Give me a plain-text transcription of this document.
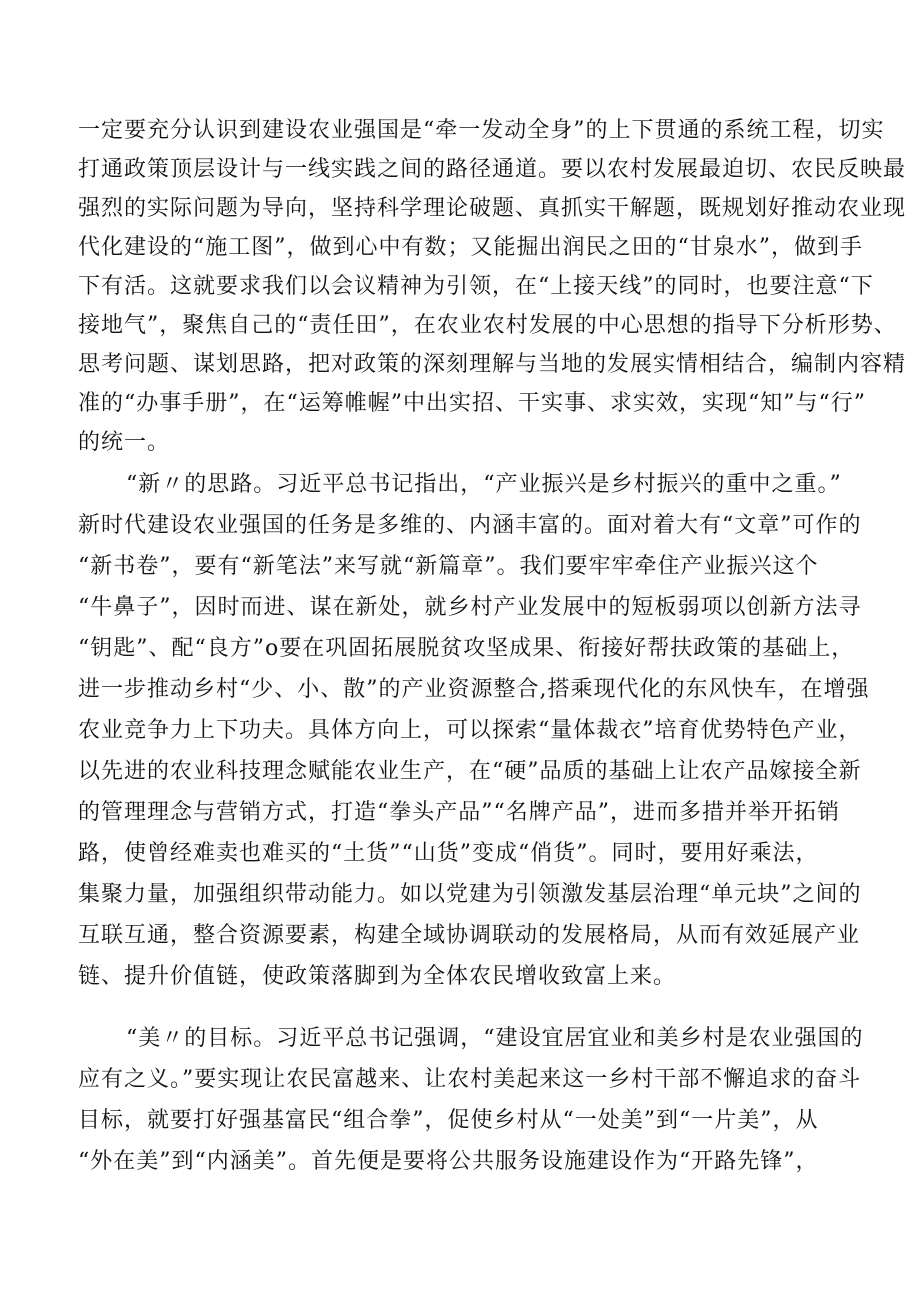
一定要充分认识到建设农业强国是“牵一发动全身”的上下贯通的系统工程，切实
打通政策顶层设计与一线实践之间的路径通道。要以农村发展最迫切、农民反映最
强烈的实际问题为导向，坚持科学理论破题、真抓实干解题，既规划好推动农业现
代化建设的“施工图”，做到心中有数；又能掘出润民之田的“甘泉水”，做到手
下有活。这就要求我们以会议精神为引领，在“上接天线”的同时，也要注意“下
接地气”，聚焦自己的“责任田”，在农业农村发展的中心思想的指导下分析形势、
思考问题、谋划思路，把对政策的深刻理解与当地的发展实情相结合，编制内容精
准的“办事手册”，在“运筹帷幄”中出实招、干实事、求实效，实现“知”与“行”
的统一。
“新〃的思路。习近平总书记指出，“产业振兴是乡村振兴的重中之重。”
新时代建设农业强国的任务是多维的、内涵丰富的。面对着大有“文章”可作的
“新书卷”，要有“新笔法”来写就“新篇章”。我们要牢牢牵住产业振兴这个
“牛鼻子”，因时而进、谋在新处，就乡村产业发展中的短板弱项以创新方法寻
“钥匙”、配“良方”o要在巩固拓展脱贫攻坚成果、衔接好帮扶政策的基础上，
进一步推动乡村“少、小、散”的产业资源整合,搭乘现代化的东风快车，在增强
农业竞争力上下功夫。具体方向上，可以探索“量体裁衣”培育优势特色产业，
以先进的农业科技理念赋能农业生产，在“硬”品质的基础上让农产品嫁接全新
的管理理念与营销方式，打造“拳头产品”“名牌产品”，进而多措并举开拓销
路，使曾经难卖也难买的“土货”“山货”变成“俏货”。同时，要用好乘法，
集聚力量，加强组织带动能力。如以党建为引领激发基层治理“单元块”之间的
互联互通，整合资源要素，构建全域协调联动的发展格局，从而有效延展产业
链、提升价值链，使政策落脚到为全体农民增收致富上来。
“美〃的目标。习近平总书记强调，“建设宜居宜业和美乡村是农业强国的
应有之义。”要实现让农民富越来、让农村美起来这一乡村干部不懈追求的奋斗
目标，就要打好强基富民“组合拳”，促使乡村从“一处美”到“一片美”，从
“外在美”到“内涵美”。首先便是要将公共服务设施建设作为“开路先锋”，
